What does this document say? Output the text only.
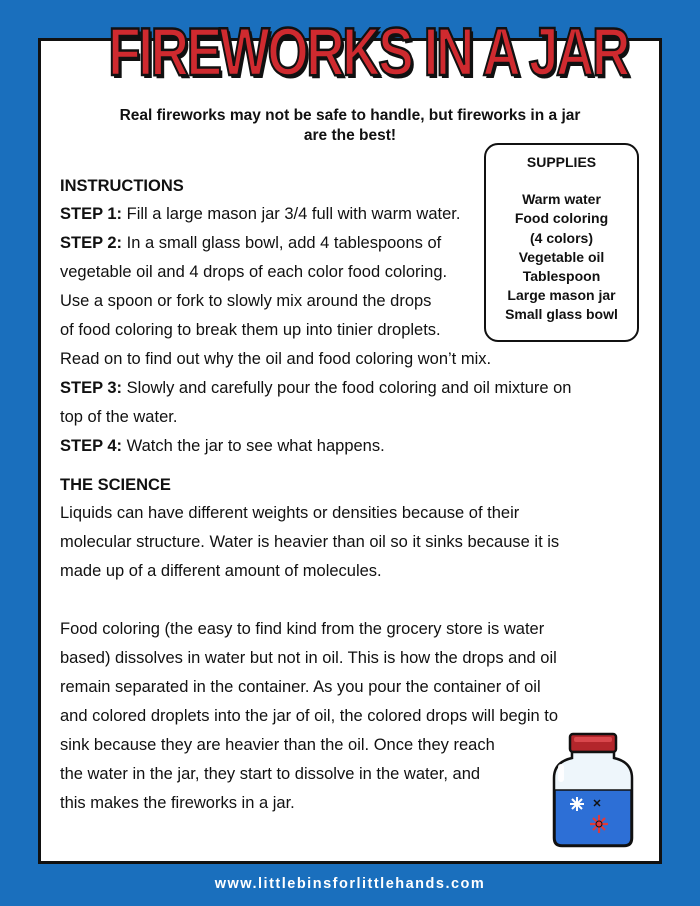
FIREWORKS IN A JAR
Real fireworks may not be safe to handle, but fireworks in a jar
are the best!
SUPPLIES
Warm water
Food coloring
(4 colors)
Vegetable oil
Tablespoon
Large mason jar
Small glass bowl
INSTRUCTIONS
STEP 1: Fill a large mason jar 3/4 full with warm water.
STEP 2: In a small glass bowl, add 4 tablespoons of
vegetable oil and 4 drops of each color food coloring.
Use a spoon or fork to slowly mix around the drops
of food coloring to break them up into tinier droplets.
Read on to find out why the oil and food coloring won’t mix.
STEP 3: Slowly and carefully pour the food coloring and oil mixture on
top of the water.
STEP 4: Watch the jar to see what happens.
THE SCIENCE
Liquids can have different weights or densities because of their
molecular structure. Water is heavier than oil so it sinks because it is
made up of a different amount of molecules.
Food coloring (the easy to find kind from the grocery store is water
based) dissolves in water but not in oil. This is how the drops and oil
remain separated in the container. As you pour the container of oil
and colored droplets into the jar of oil, the colored drops will begin to
sink because they are heavier than the oil. Once they reach
the water in the jar, they start to dissolve in the water, and
this makes the fireworks in a jar.
www.littlebinsforlittlehands.com
